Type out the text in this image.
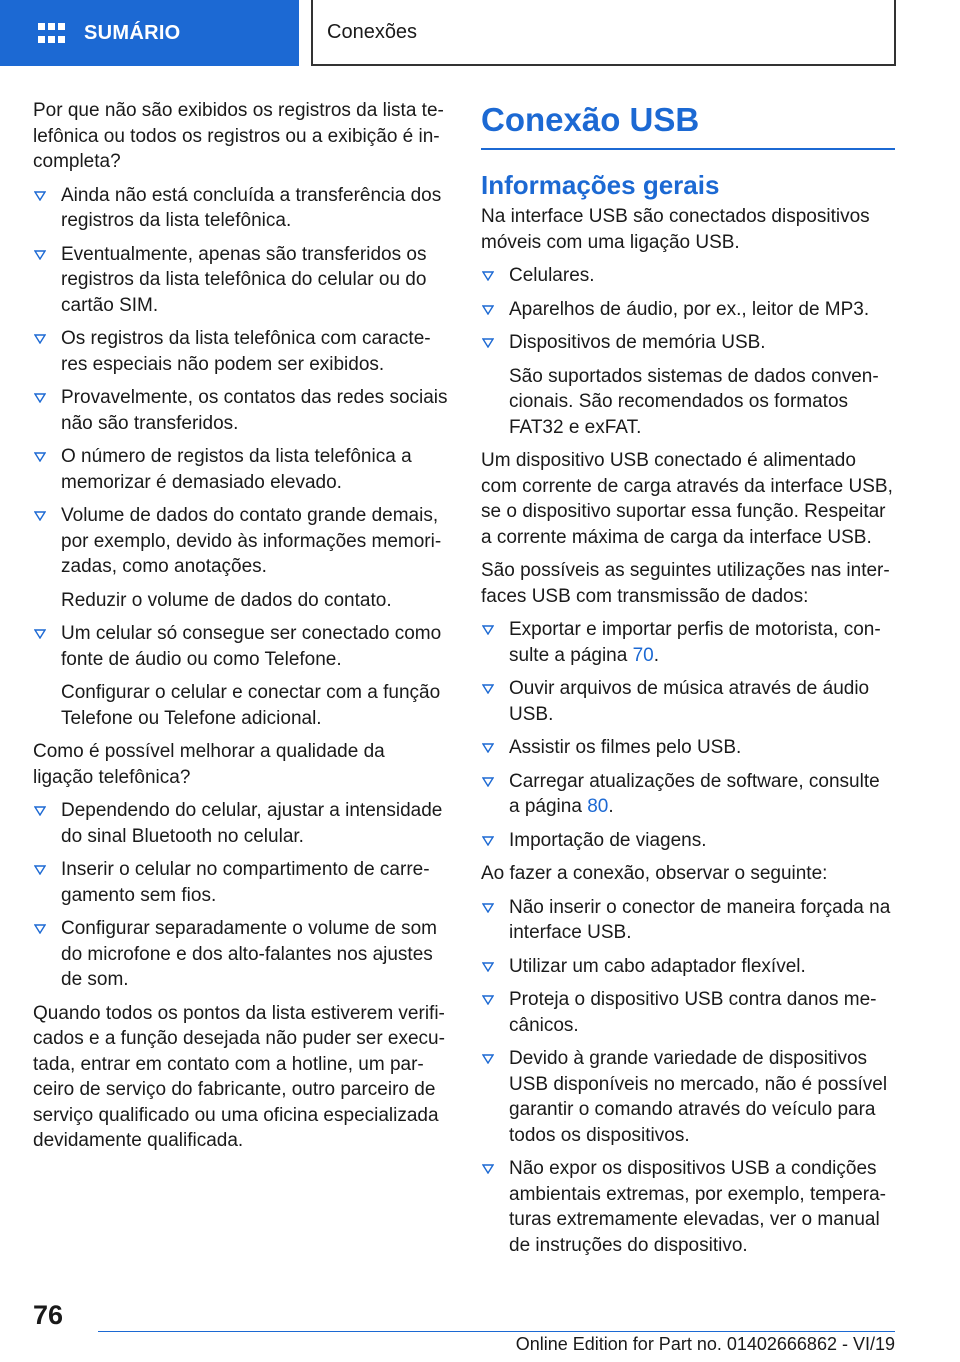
SUMÁRIO	Conexões

Por que não são exibidos os registros da lista te-lefônica ou todos os registros ou a exibição é in-completa?

Ainda não está concluída a transferência dos registros da lista telefônica.
Eventualmente, apenas são transferidos os registros da lista telefônica do celular ou do cartão SIM.
Os registros da lista telefônica com caracte-res especiais não podem ser exibidos.
Provavelmente, os contatos das redes sociais não são transferidos.
O número de registos da lista telefônica a memorizar é demasiado elevado.
Volume de dados do contato grande demais, por exemplo, devido às informações memori-zadas, como anotações.

Reduzir o volume de dados do contato.

Um celular só consegue ser conectado como fonte de áudio ou como Telefone.

Configurar o celular e conectar com a função Telefone ou Telefone adicional.

Como é possível melhorar a qualidade da ligação telefônica?

Dependendo do celular, ajustar a intensidade do sinal Bluetooth no celular.
Inserir o celular no compartimento de carre-gamento sem fios.
Configurar separadamente o volume de som do microfone e dos alto-falantes nos ajustes de som.

Quando todos os pontos da lista estiverem verifi-cados e a função desejada não puder ser execu-tada, entrar em contato com a hotline, um par-ceiro de serviço do fabricante, outro parceiro de serviço qualificado ou uma oficina especializada devidamente qualificada.

Conexão USB
Informações gerais

Na interface USB são conectados dispositivos móveis com uma ligação USB.

Celulares.
Aparelhos de áudio, por ex., leitor de MP3.
Dispositivos de memória USB.

São suportados sistemas de dados conven-cionais. São recomendados os formatos FAT32 e exFAT.

Um dispositivo USB conectado é alimentado com corrente de carga através da interface USB, se o dispositivo suportar essa função. Respeitar a corrente máxima de carga da interface USB.

São possíveis as seguintes utilizações nas inter-faces USB com transmissão de dados:

Exportar e importar perfis de motorista, con-sulte a página 70.
Ouvir arquivos de música através de áudio USB.
Assistir os filmes pelo USB.
Carregar atualizações de software, consulte a página 80.
Importação de viagens.

Ao fazer a conexão, observar o seguinte:

Não inserir o conector de maneira forçada na interface USB.
Utilizar um cabo adaptador flexível.
Proteja o dispositivo USB contra danos me-cânicos.
Devido à grande variedade de dispositivos USB disponíveis no mercado, não é possível garantir o comando através do veículo para todos os dispositivos.
Não expor os dispositivos USB a condições ambientais extremas, por exemplo, tempera-turas extremamente elevadas, ver o manual de instruções do dispositivo.
76
Online Edition for Part no. 01402666862 - VI/19
